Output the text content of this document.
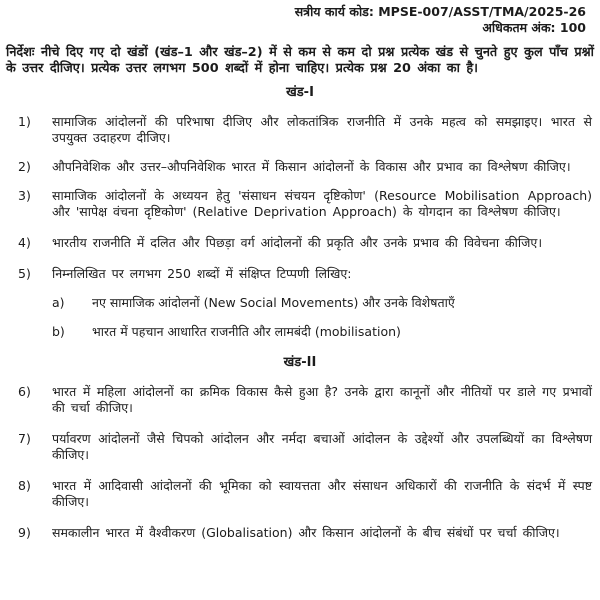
सत्रीय कार्य कोड: MPSE-007/ASST/TMA/2025-26
अधिकतम अंक: 100
निर्देशः नीचे दिए गए दो खंडों (खंड–1 और खंड–2) में से कम से कम दो प्रश्न प्रत्येक खंड से चुनते हुए कुल पाँच प्रश्नों के उत्तर दीजिए। प्रत्येक उत्तर लगभग 500 शब्दों में होना चाहिए। प्रत्येक प्रश्न 20 अंका का है।
खंड-I
1)	सामाजिक आंदोलनों की परिभाषा दीजिए और लोकतांत्रिक राजनीति में उनके महत्व को समझाइए। भारत से उपयुक्त उदाहरण दीजिए।
2)	औपनिवेशिक और उत्तर–औपनिवेशिक भारत में किसान आंदोलनों के विकास और प्रभाव का विश्लेषण कीजिए।
3)	सामाजिक आंदोलनों के अध्ययन हेतु 'संसाधन संचयन दृष्टिकोण' (Resource Mobilisation Approach) और 'सापेक्ष वंचना दृष्टिकोण' (Relative Deprivation Approach) के योगदान का विश्लेषण कीजिए।
4)	भारतीय राजनीति में दलित और पिछड़ा वर्ग आंदोलनों की प्रकृति और उनके प्रभाव की विवेचना कीजिए।
5)	निम्नलिखित पर लगभग 250 शब्दों में संक्षिप्त टिप्पणी लिखिए:
a)	नए सामाजिक आंदोलनों (New Social Movements) और उनके विशेषताएँ
b)	भारत में पहचान आधारित राजनीति और लामबंदी (mobilisation)
खंड-II
6)	भारत में महिला आंदोलनों का क्रमिक विकास कैसे हुआ है? उनके द्वारा कानूनों और नीतियों पर डाले गए प्रभावों की चर्चा कीजिए।
7)	पर्यावरण आंदोलनों जैसे चिपको आंदोलन और नर्मदा बचाओं आंदोलन के उद्देश्यों और उपलब्धियों का विश्लेषण कीजिए।
8)	भारत में आदिवासी आंदोलनों की भूमिका को स्वायत्तता और संसाधन अधिकारों की राजनीति के संदर्भ में स्पष्ट कीजिए।
9)	समकालीन भारत में वैश्वीकरण (Globalisation) और किसान आंदोलनों के बीच संबंधों पर चर्चा कीजिए।
